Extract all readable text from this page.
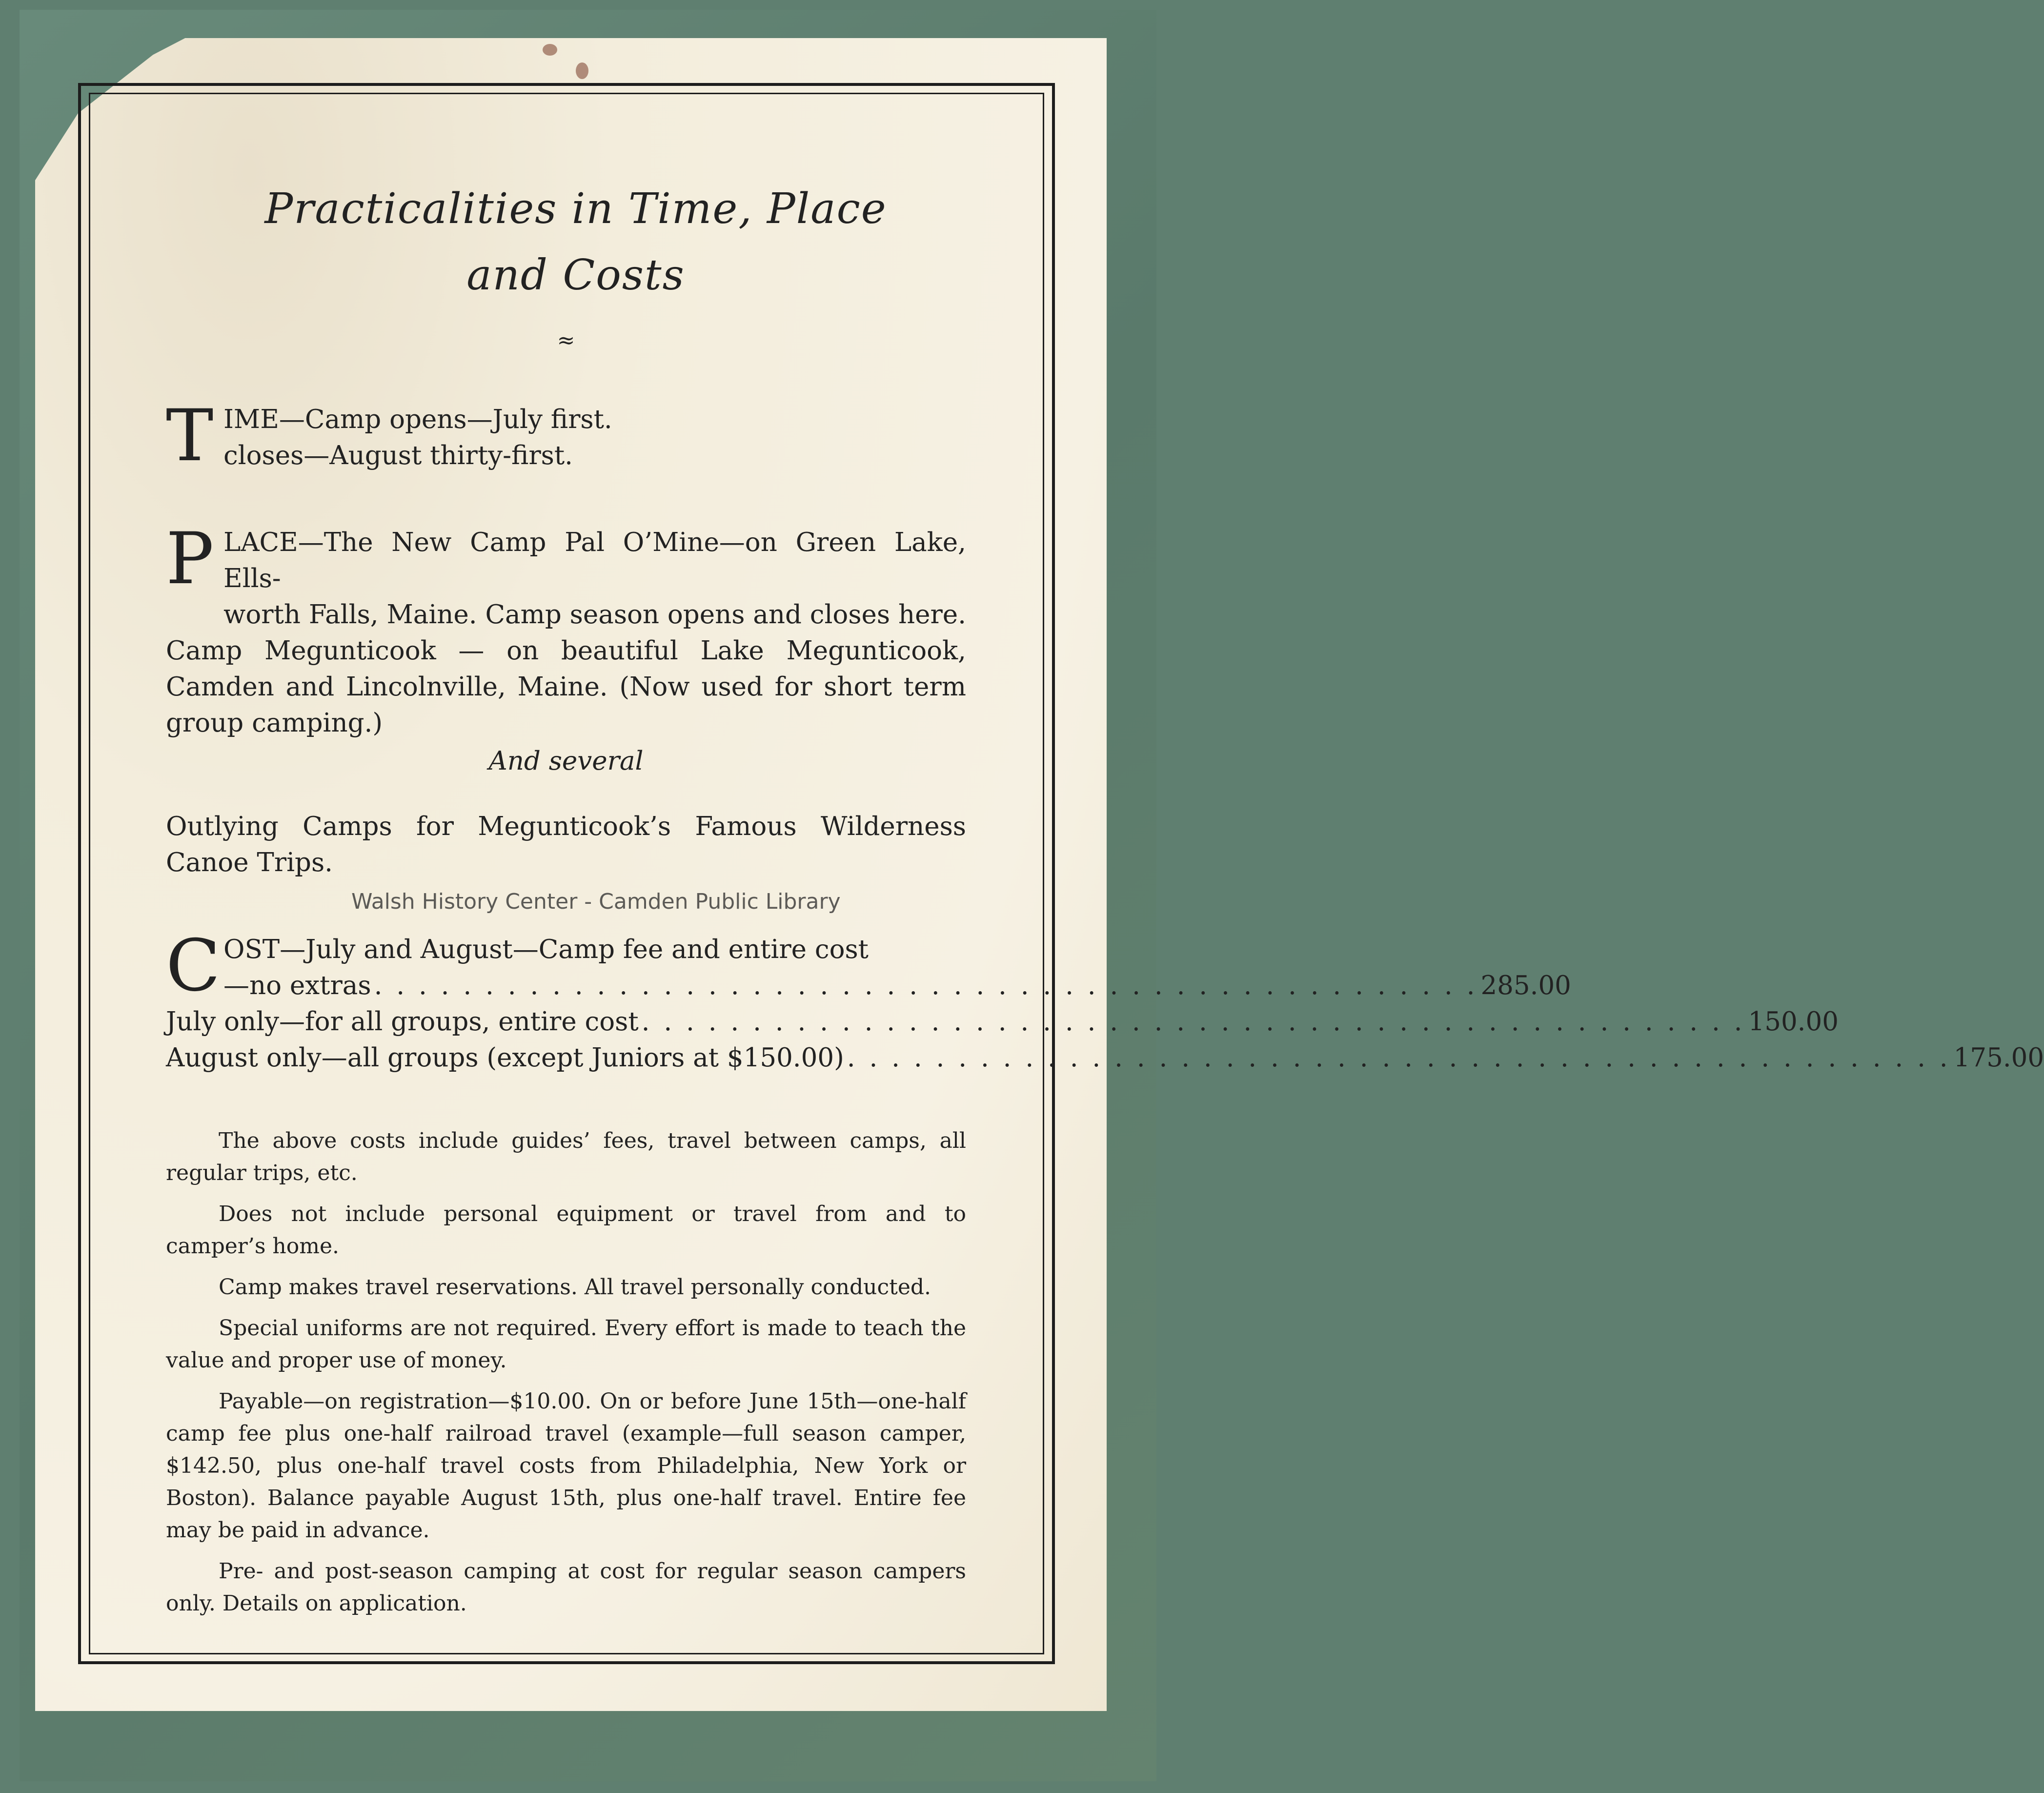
Practicalities in Time, Place
and Costs
≈
T IME—Camp opens—July first.
closes—August thirty-first.
P LACE—The New Camp Pal O’Mine—on Green Lake, Ells-
worth Falls, Maine. Camp season opens and closes here.
Camp Megunticook — on beautiful Lake Megunticook, Camden and Lincolnville, Maine. (Now used for short term group camping.)
And several
Outlying Camps for Megunticook’s Famous Wilderness Canoe Trips.
C OST—July and August—Camp fee and entire cost
—no extras . . . . . . . . . . . . . . . . . . . . . . . . . . . . . . . . . . . . . . . . . . . . . . . . . . 285.00
July only—for all groups, entire cost . . . . . . . . . . . . . . . . . . . . . . . . . . . . . . . . . . . . . . . . . . . . . . . . . . 150.00
August only—all groups (except Juniors at $150.00) . . . . . . . . . . . . . . . . . . . . . . . . . . . . . . . . . . . . . . . . . . . . . . . . . . 175.00

The above costs include guides’ fees, travel between camps, all regular trips, etc.

Does not include personal equipment or travel from and to camper’s home.

Camp makes travel reservations. All travel personally conducted.

Special uniforms are not required. Every effort is made to teach the value and proper use of money.

Payable—on registration—$10.00. On or before June 15th—one-half camp fee plus one-half railroad travel (example—full season camper, $142.50, plus one-half travel costs from Philadelphia, New York or Boston). Balance payable August 15th, plus one-half travel. Entire fee may be paid in advance.

Pre- and post-season camping at cost for regular season campers only. Details on application.

Walsh History Center - Camden Public Library
